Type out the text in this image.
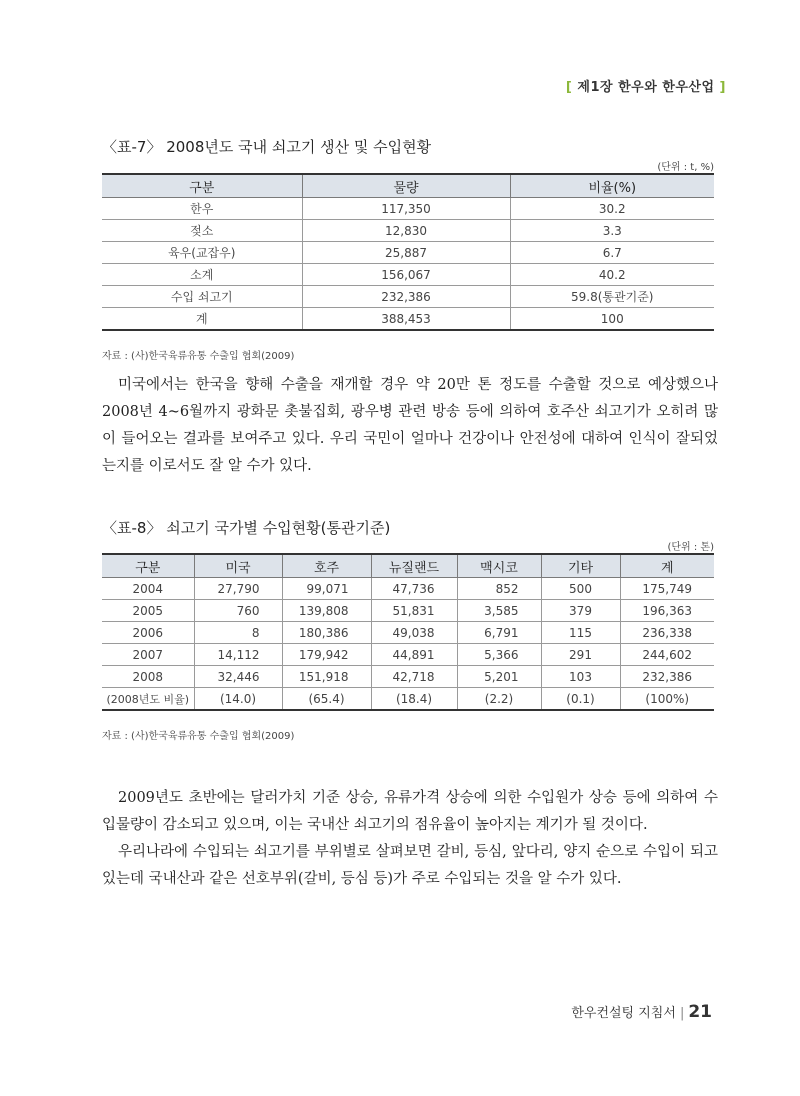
[ 제1장 한우와 한우산업 ]
〈표-7〉 2008년도 국내 쇠고기 생산 및 수입현황
(단위 : t, %)
구분	물량	비율(%)
한우	117,350	30.2
젖소	12,830	3.3
육우(교잡우)	25,887	6.7
소계	156,067	40.2
수입 쇠고기	232,386	59.8(통관기준)
계	388,453	100
자료 : (사)한국육류유통 수출입 협회(2009)

미국에서는 한국을 향해 수출을 재개할 경우 약 20만 톤 정도를 수출할 것으로 예상했으나 2008년 4~6월까지 광화문 촛불집회, 광우병 관련 방송 등에 의하여 호주산 쇠고기가 오히려 많이 들어오는 결과를 보여주고 있다. 우리 국민이 얼마나 건강이나 안전성에 대하여 인식이 잘되었는지를 이로서도 잘 알 수가 있다.

〈표-8〉 쇠고기 국가별 수입현황(통관기준)
(단위 : 톤)
구분	미국	호주	뉴질랜드	맥시코	기타	계
2004	27,790	99,071	47,736	852	500	175,749
2005	760	139,808	51,831	3,585	379	196,363
2006	8	180,386	49,038	6,791	115	236,338
2007	14,112	179,942	44,891	5,366	291	244,602
2008	32,446	151,918	42,718	5,201	103	232,386
(2008년도 비율)	(14.0)	(65.4)	(18.4)	(2.2)	(0.1)	(100%)
자료 : (사)한국육류유통 수출입 협회(2009)

2009년도 초반에는 달러가치 기준 상승, 유류가격 상승에 의한 수입원가 상승 등에 의하여 수입물량이 감소되고 있으며, 이는 국내산 쇠고기의 점유율이 높아지는 계기가 될 것이다.

우리나라에 수입되는 쇠고기를 부위별로 살펴보면 갈비, 등심, 앞다리, 양지 순으로 수입이 되고 있는데 국내산과 같은 선호부위(갈비, 등심 등)가 주로 수입되는 것을 알 수가 있다.

한우컨설팅 지침서 | 21
